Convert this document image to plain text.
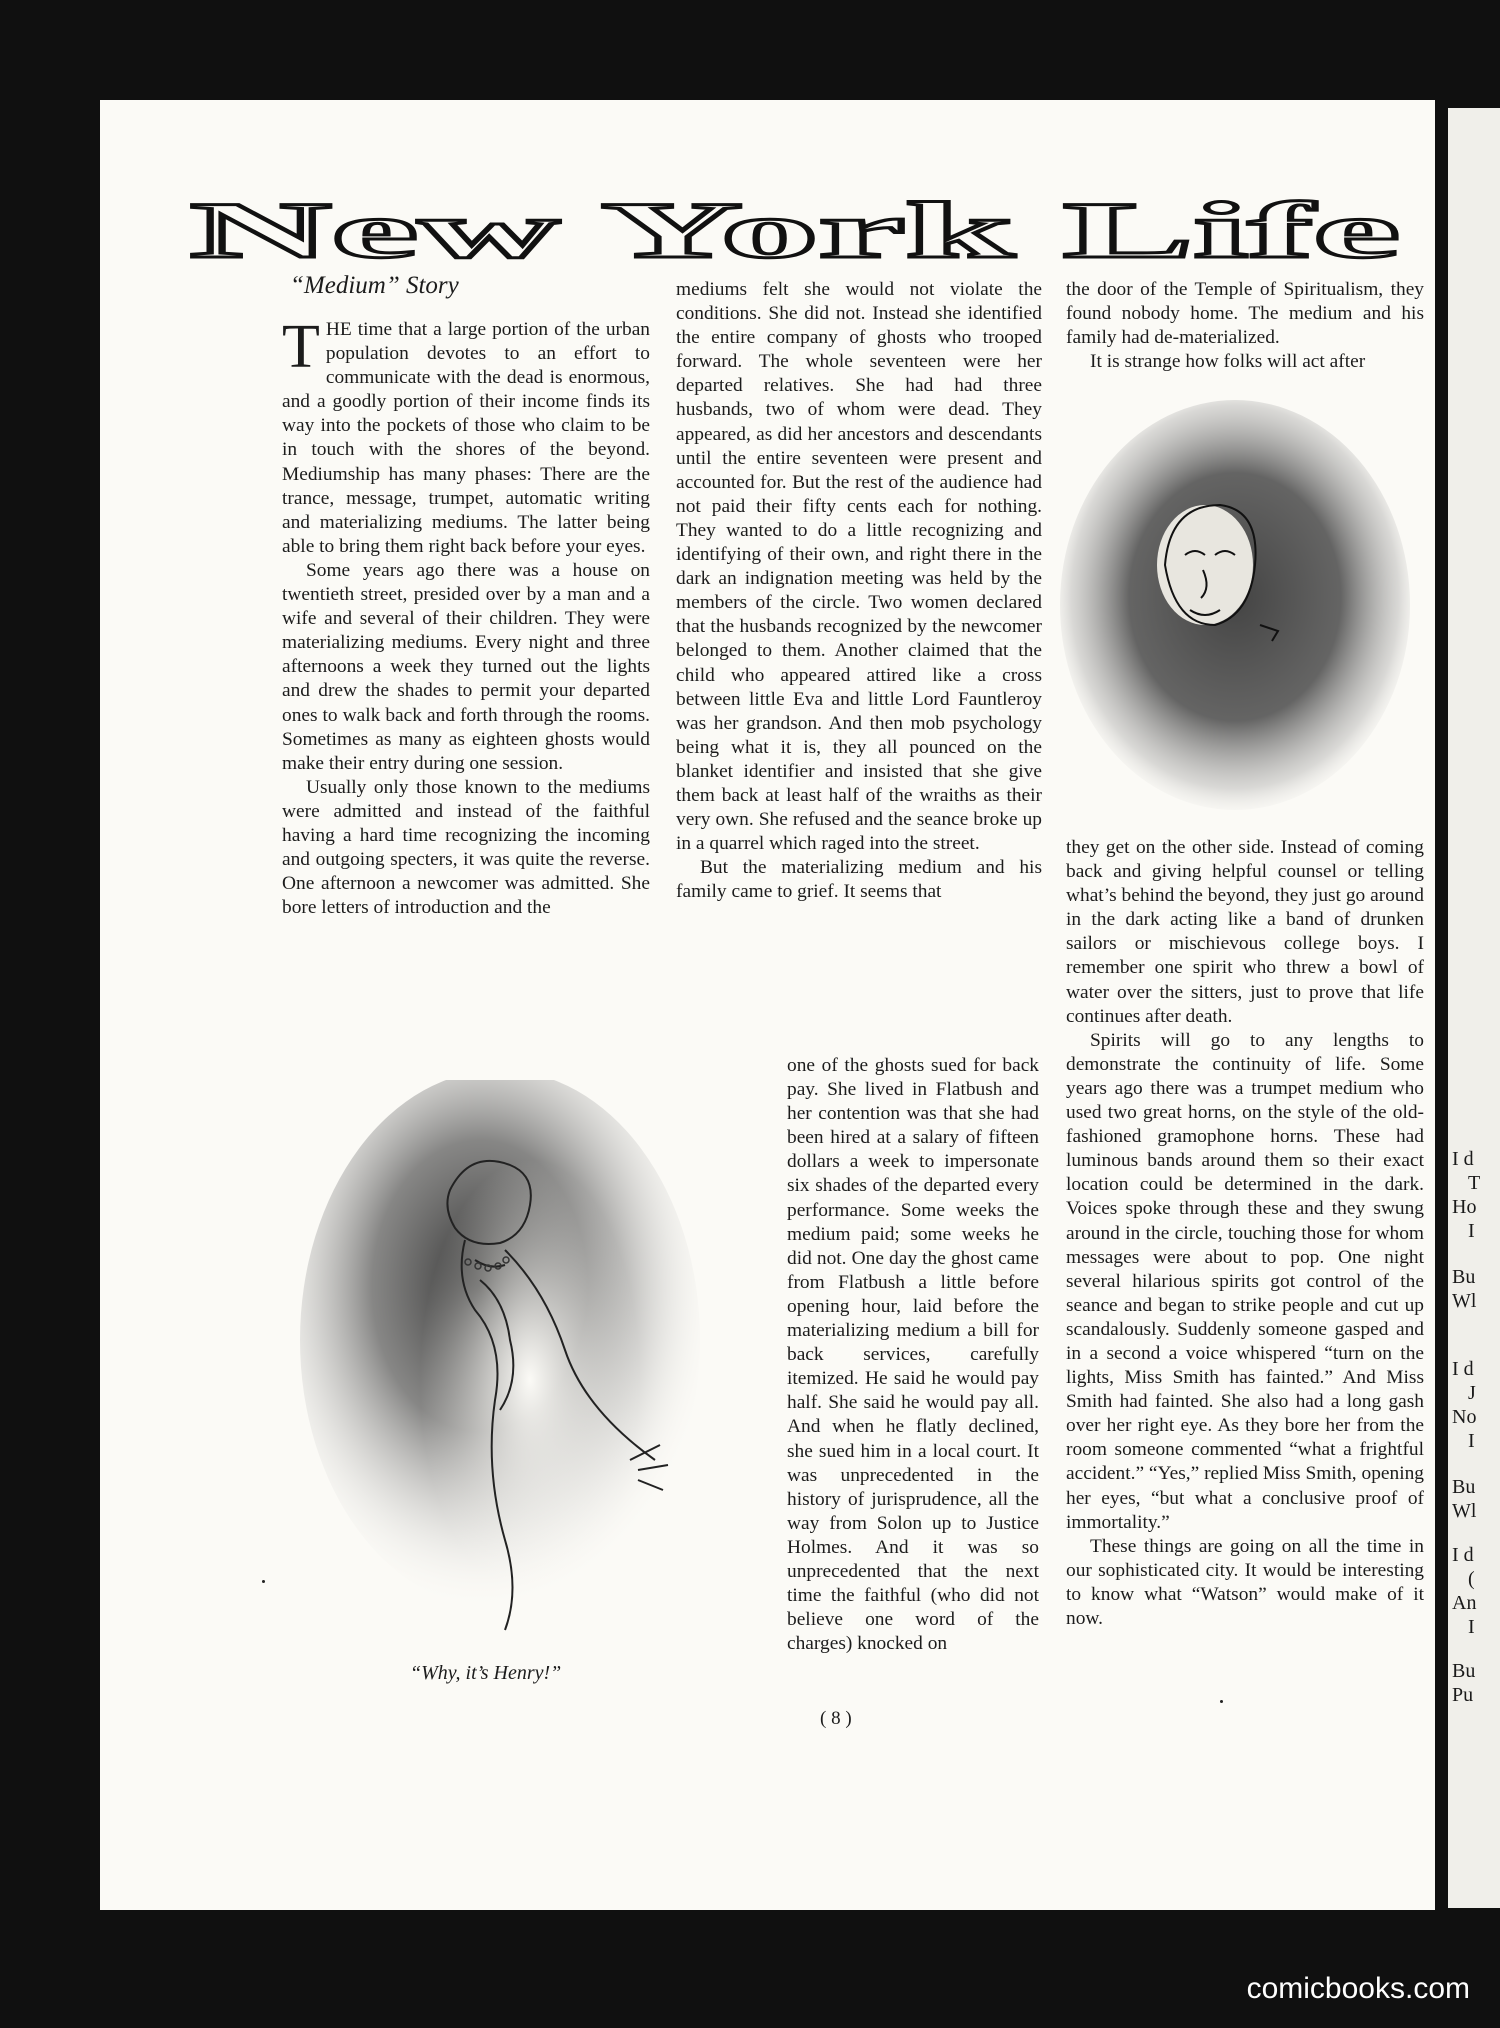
New York Life
“Medium” Story

THE time that a large portion of the urban population devotes to an effort to communicate with the dead is enormous, and a goodly portion of their income finds its way into the pockets of those who claim to be in touch with the shores of the beyond. Mediumship has many phases: There are the trance, message, trumpet, automatic writing and materializing mediums. The latter being able to bring them right back before your eyes.

Some years ago there was a house on twentieth street, presided over by a man and a wife and several of their children. They were materializing mediums. Every night and three afternoons a week they turned out the lights and drew the shades to permit your departed ones to walk back and forth through the rooms. Sometimes as many as eighteen ghosts would make their entry during one session.

Usually only those known to the mediums were admitted and instead of the faithful having a hard time recognizing the incoming and outgoing specters, it was quite the reverse. One afternoon a newcomer was admitted. She bore letters of introduction and the

mediums felt she would not violate the conditions. She did not. Instead she identified the entire company of ghosts who trooped forward. The whole seventeen were her departed relatives. She had had three husbands, two of whom were dead. They appeared, as did her ancestors and descendants until the entire seventeen were present and accounted for. But the rest of the audience had not paid their fifty cents each for nothing. They wanted to do a little recognizing and identifying of their own, and right there in the dark an indignation meeting was held by the members of the circle. Two women declared that the husbands recognized by the newcomer belonged to them. Another claimed that the child who appeared attired like a cross between little Eva and little Lord Fauntleroy was her grandson. And then mob psychology being what it is, they all pounced on the blanket identifier and insisted that she give them back at least half of the wraiths as their very own. She refused and the seance broke up in a quarrel which raged into the street.

But the materializing medium and his family came to grief. It seems that

one of the ghosts sued for back pay. She lived in Flatbush and her contention was that she had been hired at a salary of fifteen dollars a week to impersonate six shades of the departed every performance. Some weeks the medium paid; some weeks he did not. One day the ghost came from Flatbush a little before opening hour, laid before the materializing medium a bill for back services, carefully itemized. He said he would pay half. She said he would pay all. And when he flatly declined, she sued him in a local court. It was unprecedented in the history of jurisprudence, all the way from Solon up to Justice Holmes. And it was so unprecedented that the next time the faithful (who did not believe one word of the charges) knocked on

the door of the Temple of Spiritualism, they found nobody home. The medium and his family had de-materialized.

It is strange how folks will act after

they get on the other side. Instead of coming back and giving helpful counsel or telling what’s behind the beyond, they just go around in the dark acting like a band of drunken sailors or mischievous college boys. I remember one spirit who threw a bowl of water over the sitters, just to prove that life continues after death.

Spirits will go to any lengths to demonstrate the continuity of life. Some years ago there was a trumpet medium who used two great horns, on the style of the old-fashioned gramophone horns. These had luminous bands around them so their exact location could be determined in the dark. Voices spoke through these and they swung around in the circle, touching those for whom messages were about to pop. One night several hilarious spirits got control of the seance and began to strike people and cut up scandalously. Suddenly someone gasped and in a second a voice whispered “turn on the lights, Miss Smith has fainted.” And Miss Smith had fainted. She also had a long gash over her right eye. As they bore her from the room someone commented “what a frightful accident.” “Yes,” replied Miss Smith, opening her eyes, “but what a conclusive proof of immortality.”

These things are going on all the time in our sophisticated city. It would be interesting to know what “Watson” would make of it now.

“Why, it’s Henry!”
( 8 )
I d
T
Ho
I
Bu
Wl
I d
J
No
I
Bu
Wl
I d
(
An
I
Bu
Pu
comicbooks.com
